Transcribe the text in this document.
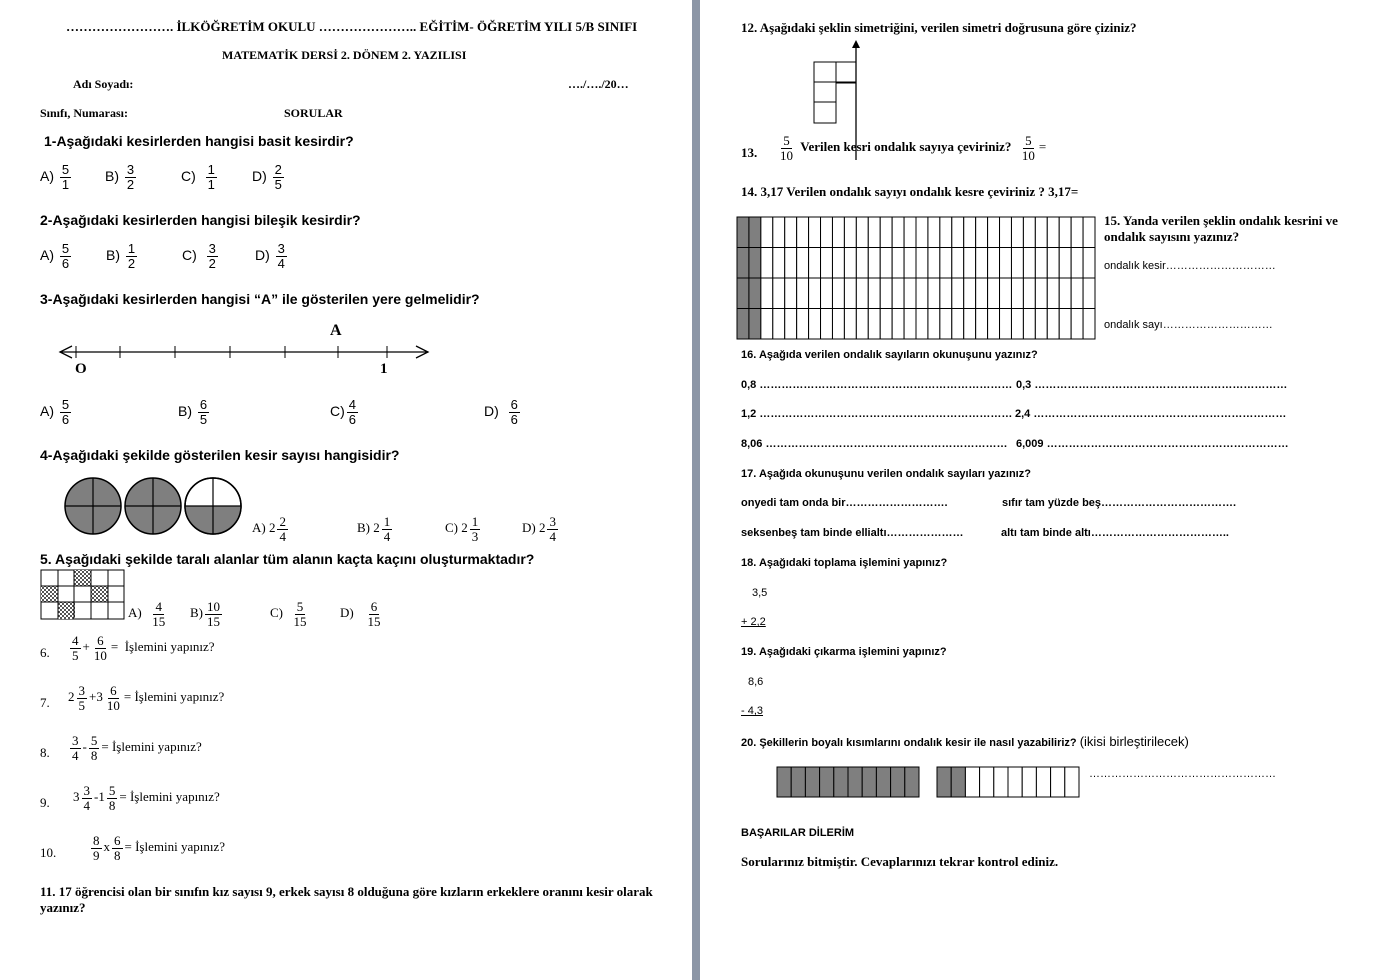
……………………. İLKÖĞRETİM OKULU ………………….. EĞİTİM- ÖĞRETİM YILI 5/B SINIFI
MATEMATİK DERSİ 2. DÖNEM 2. YAZILISI
Adı Soyadı:	…./…./20…
Sınıfı, Numarası:	SORULAR
1-Aşağıdaki kesirlerden hangisi basit kesirdir?
$A) \frac{5}{1} B) \frac{3}{2}$	$C) \frac{1}{1}$	$D) \frac{2}{5}$
2-Aşağıdaki kesirlerden hangisi bileşik kesirdir?
$A) \frac{5}{6} B) \frac{1}{2}$	$C) \frac{3}{2}$	$D) \frac{3}{4}$
3-Aşağıdaki kesirlerden hangisi “A” ile gösterilen yere gelmelidir?
A
O	1
$A) \frac{5}{6}$	$B) \frac{6}{5}$	$C) \frac{4}{6}$	$D) \frac{6}{6}$
4-Aşağıdaki şekilde gösterilen kesir sayısı hangisidir?
A) $2 \frac{2}{4}$	B) $2 \frac{1}{4}$	C) $2 \frac{1}{3}$	D) $2 \frac{3}{4}$
5. Aşağıdaki şekilde taralı alanlar tüm alanın kaçta kaçını oluşturmaktadır?
$A) \frac{4}{15} B) \frac{10}{15}$	$C) \frac{5}{15} D) \frac{6}{15}$
6. $\frac{4}{5} + \frac{6}{10}$ = İşlemini yapınız?
7. $2 \frac{3}{5} +3 \frac{6}{10}$ = İşlemini yapınız?
8. $\frac{3}{4} - \frac{5}{8}$ = İşlemini yapınız?
9. $3 \frac{3}{4} -1 \frac{5}{8}$ = İşlemini yapınız?
10.	$\frac{8}{9}$ x $\frac{6}{8}$ = İşlemini yapınız?
11. 17 öğrencisi olan bir sınıfın kız sayısı 9, erkek sayısı 8 olduğuna göre kızların erkeklere oranını kesir olarak
yazınız?
12. Aşağıdaki şeklin simetriğini, verilen simetri doğrusuna göre çiziniz?
13. $\frac{5}{10}$ Verilen kesri ondalık sayıya çeviriniz? $\frac{5}{10}$ =
14. 3,17 Verilen ondalık sayıyı ondalık kesre çeviriniz ? 3,17=
15. Yanda verilen şeklin ondalık kesrini ve
ondalık sayısını yazınız?
ondalık kesir…………………………
ondalık sayı…………………………
16. Aşağıda verilen ondalık sayıların okunuşunu yazınız?
0,8 …………………………………………………………… 0,3 ……………………………………………………………
1,2 …………………………………………………………… 2,4 ……………………………………………………………
8,06 ………………………………………………………… 6,009 …………………………………………………………
17. Aşağıda okunuşunu verilen ondalık sayıları yazınız?
onyedi tam onda bir……………………….	sıfır tam yüzde beş……………………………….
seksenbeş tam binde ellialtı…………………	altı tam binde altı………………………………..
18. Aşağıdaki toplama işlemini yapınız?
3,5
+ 2,2
19. Aşağıdaki çıkarma işlemini yapınız?
8,6
- 4,3
20. Şekillerin boyalı kısımlarını ondalık kesir ile nasıl yazabiliriz? (ikisi birleştirilecek)
……………………………………………
BAŞARILAR DİLERİM
Sorularınız bitmiştir. Cevaplarınızı tekrar kontrol ediniz.
